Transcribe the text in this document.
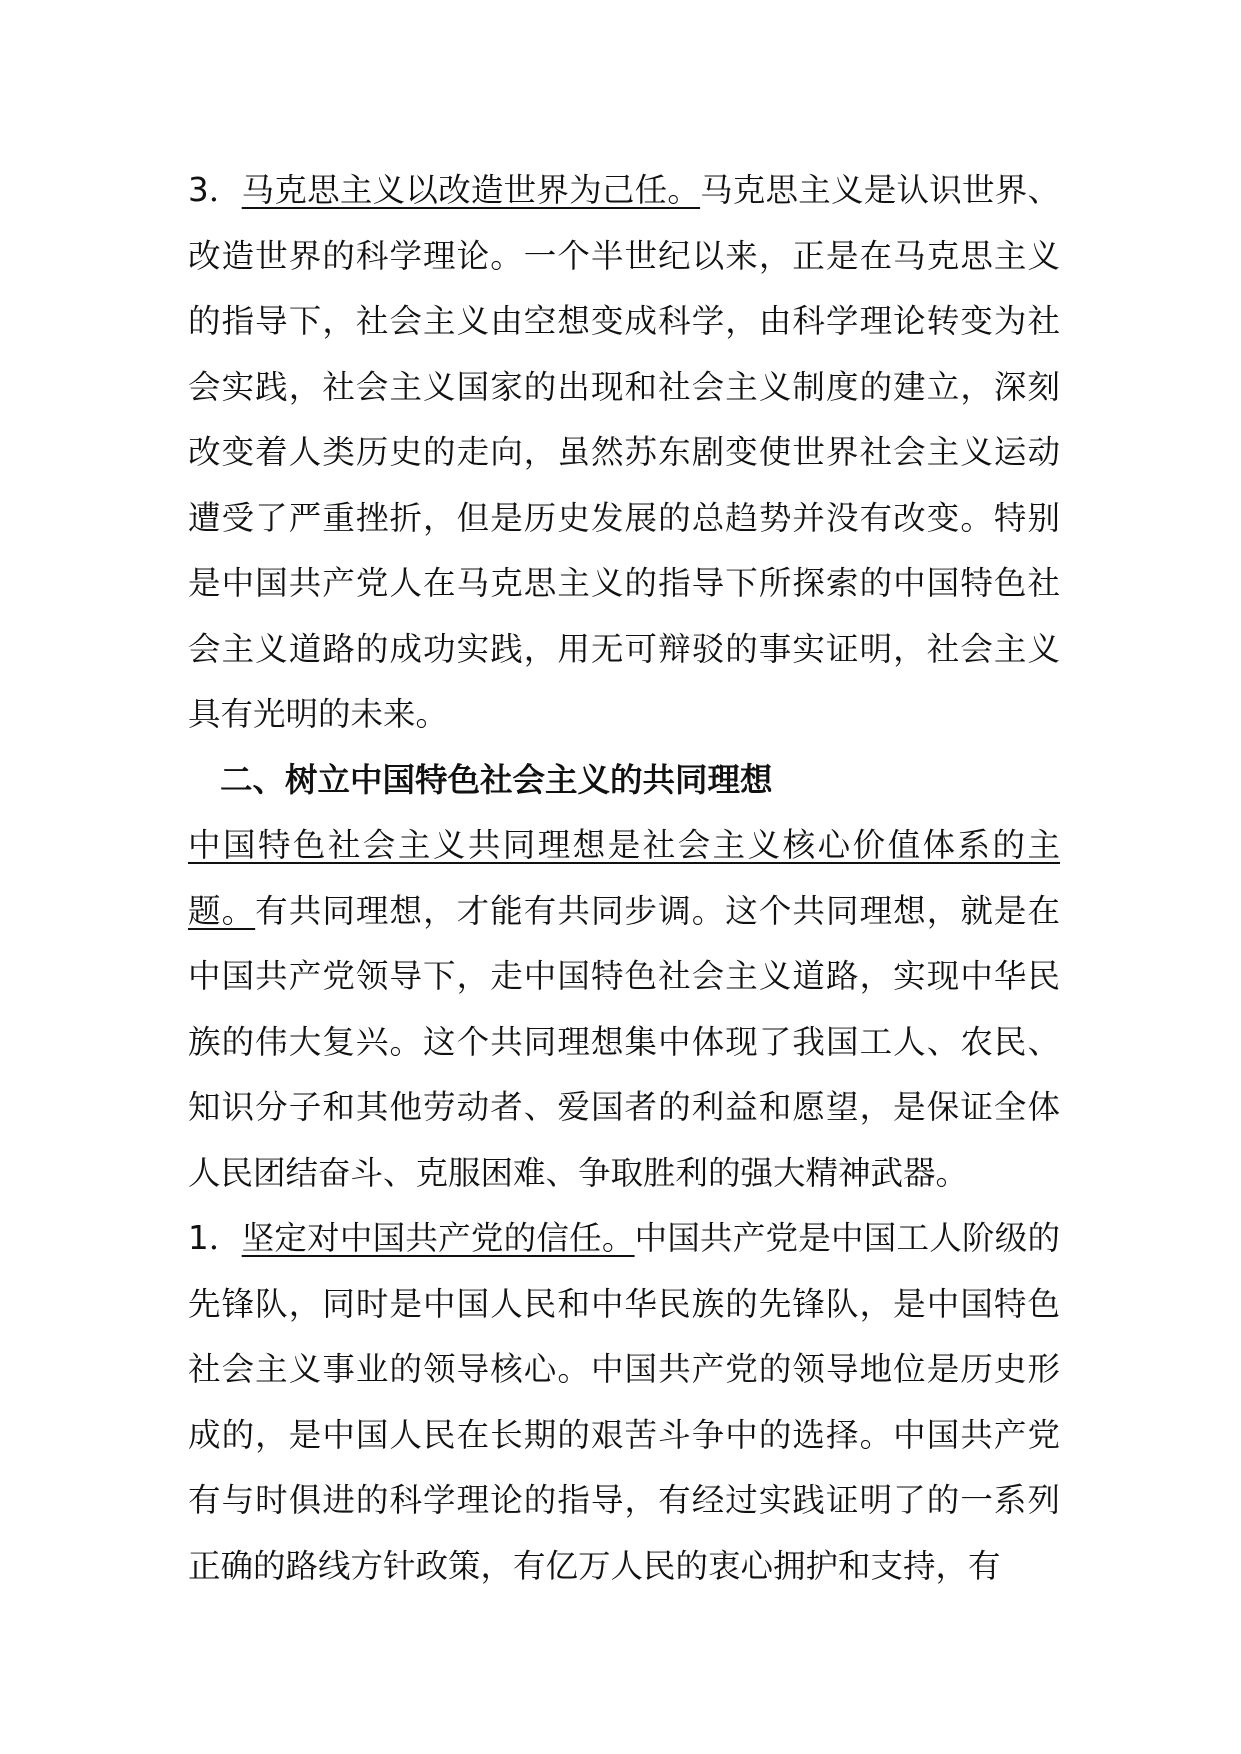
3．马克思主义以改造世界为己任。马克思主义是认识世界、改造世界的科学理论。一个半世纪以来，正是在马克思主义的指导下，社会主义由空想变成科学，由科学理论转变为社会实践，社会主义国家的出现和社会主义制度的建立，深刻改变着人类历史的走向，虽然苏东剧变使世界社会主义运动遭受了严重挫折，但是历史发展的总趋势并没有改变。特别是中国共产党人在马克思主义的指导下所探索的中国特色社会主义道路的成功实践，用无可辩驳的事实证明，社会主义具有光明的未来。

二、树立中国特色社会主义的共同理想

中国特色社会主义共同理想是社会主义核心价值体系的主题。有共同理想，才能有共同步调。这个共同理想，就是在中国共产党领导下，走中国特色社会主义道路，实现中华民族的伟大复兴。这个共同理想集中体现了我国工人、农民、知识分子和其他劳动者、爱国者的利益和愿望，是保证全体人民团结奋斗、克服困难、争取胜利的强大精神武器。

1．坚定对中国共产党的信任。中国共产党是中国工人阶级的先锋队，同时是中国人民和中华民族的先锋队，是中国特色社会主义事业的领导核心。中国共产党的领导地位是历史形成的，是中国人民在长期的艰苦斗争中的选择。中国共产党有与时俱进的科学理论的指导，有经过实践证明了的一系列正确的路线方针政策，有亿万人民的衷心拥护和支持，有
